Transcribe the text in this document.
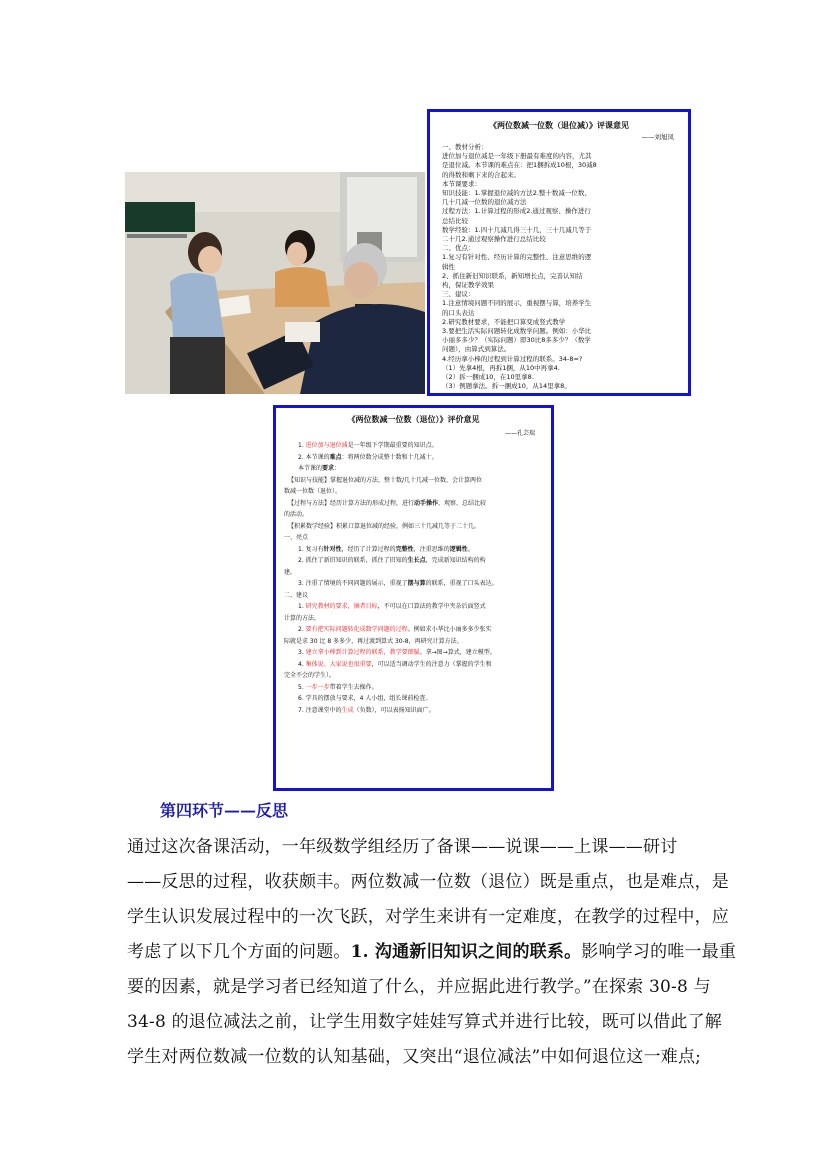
《两位数减一位数（退位减）》评课意见
——刘旭凤
一、教材分析：
进位加与退位减是一年级下册最有难度的内容，尤其
是退位减。本节课的难点在：把1捆拆成10根，30减8
的得数和剩下来的合起来。
本节课要求：
知识技能：1.掌握退位减的方法2.整十数减一位数、
几十几减一位数的退位减方法
过程方法：1.计算过程的形成2.通过观察、操作进行
总结比较
数学经验：1.四十几减几得三十几，三十几减几等于
二十几2.通过观察操作进行总结比较
二、优点：
1.复习有针对性、经历计算的完整性、注意思维的逻
辑性
2、抓住新旧知识联系，新知增长点，完善认知结
构，保证教学效果
三、建议：
1.注意情境问题不同的展示，重视摆与算，培养学生
的口头表达
2.研究教材要求，不能把口算变成竖式教学
3.要把生活实际问题转化成数学问题。例如：小华比
小丽多多少？（实际问题）即30比8多多少？（数学
问题），由算式到算法。
4.经历拿小棒的过程到计算过程的联系。34-8=?
（1）先拿4根，再拆1捆，从10中再拿4.
（2）拆一捆成10，在10里拿8.
（3）例题拿法。拆一捆成10，从14里拿8。
《两位数减一位数（退位）》评价意见
——孔芸瑞
1. 进位加与退位减是一年级下学期最重要的知识点。
2. 本节课的难点：将两位数分成整十数和十几减十。
本节课的要求：
【知识与技能】掌握退位减的方法，整十数/几十几减一位数，会计算两位
数减一位数（退位）。
【过程与方法】经历计算方法的形成过程，进行动手操作、观察、总结比较
的活动。
【积累数学经验】积累口算退位减的经验，例如三十几减几等于二十几。
一、亮点
1. 复习有针对性，经历了计算过程的完整性，注重思维的逻辑性。
2. 抓住了新旧知识的联系，抓住了旧知的生长点，完成新知识结构的构
建。
3. 注重了情境的不同问题的展示，重视了摆与算的联系，重视了口头表达。
二、建议
1. 研究教材的要求，摘者目标，不可以在口算法的教学中夹杂后面竖式
计算的方法。
2. 要有把实际问题转化成数学问题的过程。例如求小华比小丽多多少张实
际就是求 30 比 8 多多少，再过渡到算式 30-8，再研究计算方法。
3. 建立拿小棒到计算过程的联系，教学要细腻。拿→图→算式，建立模型。
4. 集体说、大家说也很重要，可以适当调动学生的注意力（掌握的学生和
完全不会的学生）。
5. 一步一步带着学生去操作。
6. 学具的摆放与要求，4 人小组，组长课前检查。
7. 注意课堂中的生成（负数），可以表扬知识面广。
第四环节——反思
通过这次备课活动，一年级数学组经历了备课——说课——上课——研讨
——反思的过程，收获颇丰。两位数减一位数（退位）既是重点，也是难点，是
学生认识发展过程中的一次飞跃，对学生来讲有一定难度，在教学的过程中，应
考虑了以下几个方面的问题。1. 沟通新旧知识之间的联系。影响学习的唯一最重
要的因素，就是学习者已经知道了什么，并应据此进行教学。”在探索 30-8 与
34-8 的退位减法之前，让学生用数字娃娃写算式并进行比较，既可以借此了解
学生对两位数减一位数的认知基础，又突出“退位减法”中如何退位这一难点;
